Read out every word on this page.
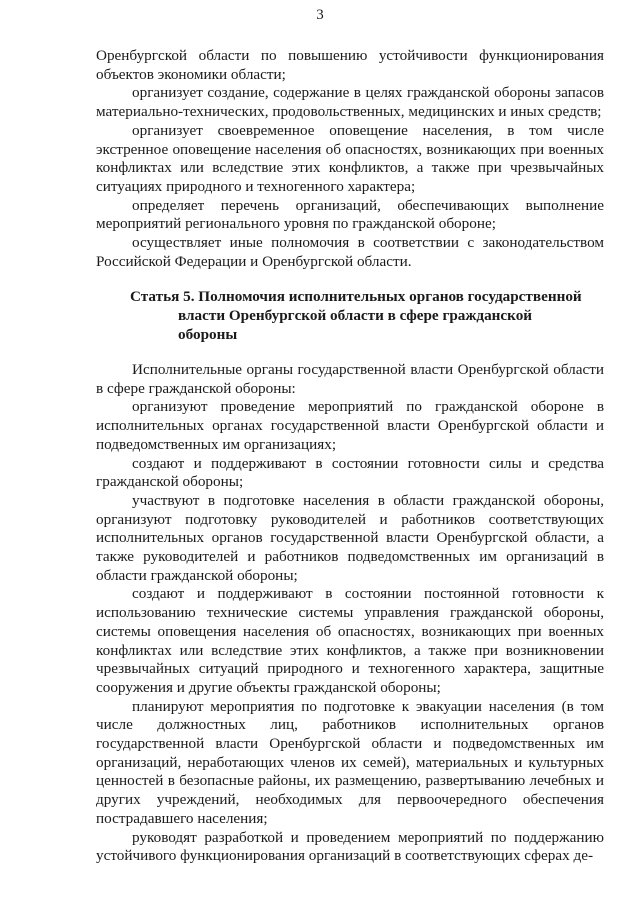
3

Оренбургской области по повышению устойчивости функционирования объектов экономики области;

организует создание, содержание в целях гражданской обороны запасов материально-технических, продовольственных, медицинских и иных средств;

организует своевременное оповещение населения, в том числе экстренное оповещение населения об опасностях, возникающих при военных конфликтах или вследствие этих конфликтов, а также при чрезвычайных ситуациях природного и техногенного характера;

определяет перечень организаций, обеспечивающих выполнение мероприятий регионального уровня по гражданской обороне;

осуществляет иные полномочия в соответствии с законодательством Российской Федерации и Оренбургской области.

Статья 5. Полномочия исполнительных органов государственной
власти Оренбургской области в сфере гражданской
обороны

Исполнительные органы государственной власти Оренбургской области в сфере гражданской обороны:

организуют проведение мероприятий по гражданской обороне в исполнительных органах государственной власти Оренбургской области и подведомственных им организациях;

создают и поддерживают в состоянии готовности силы и средства гражданской обороны;

участвуют в подготовке населения в области гражданской обороны, организуют подготовку руководителей и работников соответствующих исполнительных органов государственной власти Оренбургской области, а также руководителей и работников подведомственных им организаций в области гражданской обороны;

создают и поддерживают в состоянии постоянной готовности к использованию технические системы управления гражданской обороны, системы оповещения населения об опасностях, возникающих при военных конфликтах или вследствие этих конфликтов, а также при возникновении чрезвычайных ситуаций природного и техногенного характера, защитные сооружения и другие объекты гражданской обороны;

планируют мероприятия по подготовке к эвакуации населения (в том числе должностных лиц, работников исполнительных органов государственной власти Оренбургской области и подведомственных им организаций, неработающих членов их семей), материальных и культурных ценностей в безопасные районы, их размещению, развертыванию лечебных и других учреждений, необходимых для первоочередного обеспечения пострадавшего населения;

руководят разработкой и проведением мероприятий по поддержанию устойчивого функционирования организаций в соответствующих сферах де-
